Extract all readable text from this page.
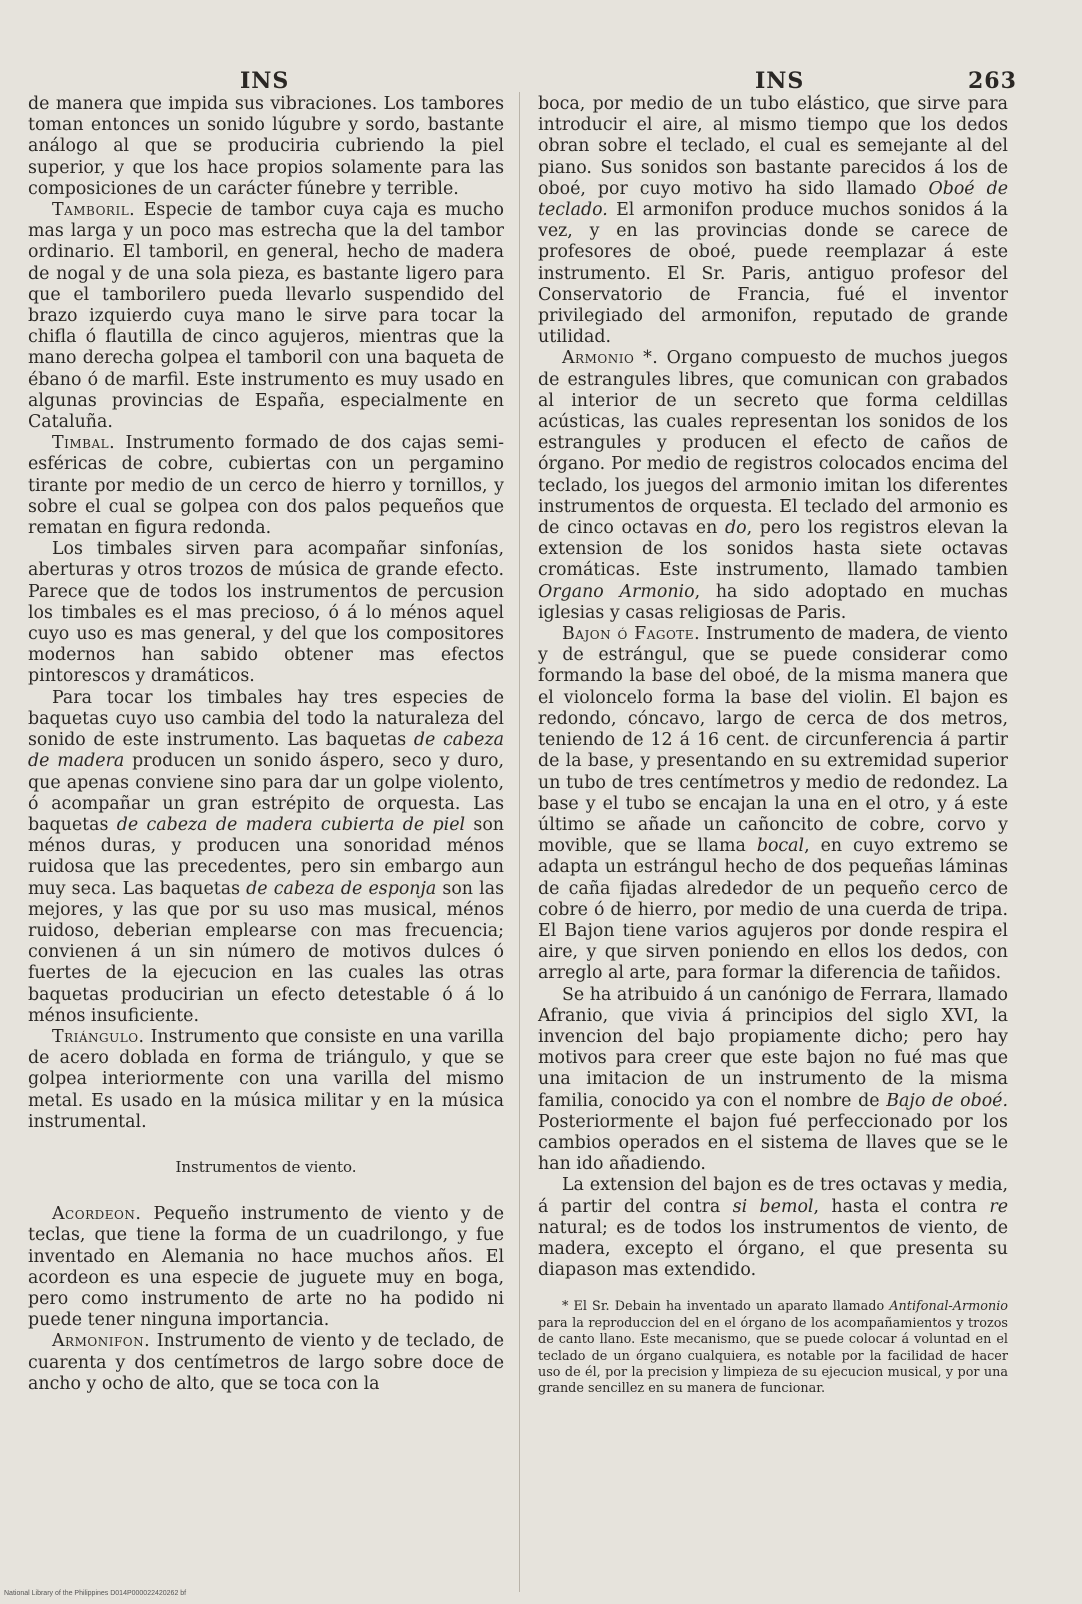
INS	INS	263

de manera que impida sus vibraciones. Los tambores toman entonces un sonido lúgubre y sordo, bastante análogo al que se produciria cubriendo la piel superior, y que los hace propios solamente para las composiciones de un carácter fúnebre y terrible.

Tamboril. Especie de tambor cuya caja es mucho mas larga y un poco mas estrecha que la del tambor ordinario. El tamboril, en general, hecho de madera de nogal y de una sola pieza, es bastante ligero para que el tamborilero pueda llevarlo suspendido del brazo izquierdo cuya mano le sirve para tocar la chifla ó flautilla de cinco agujeros, mientras que la mano derecha golpea el tamboril con una baqueta de ébano ó de marfil. Este instrumento es muy usado en algunas provincias de España, especialmente en Cataluña.

Timbal. Instrumento formado de dos cajas semi-esféricas de cobre, cubiertas con un pergamino tirante por medio de un cerco de hierro y tornillos, y sobre el cual se golpea con dos palos pequeños que rematan en figura redonda.

Los timbales sirven para acompañar sinfonías, aberturas y otros trozos de música de grande efecto. Parece que de todos los instrumentos de percusion los timbales es el mas precioso, ó á lo ménos aquel cuyo uso es mas general, y del que los compositores modernos han sabido obtener mas efectos pintorescos y dramáticos.

Para tocar los timbales hay tres especies de baquetas cuyo uso cambia del todo la naturaleza del sonido de este instrumento. Las baquetas de cabeza de madera producen un sonido áspero, seco y duro, que apenas conviene sino para dar un golpe violento, ó acompañar un gran estrépito de orquesta. Las baquetas de cabeza de madera cubierta de piel son ménos duras, y producen una sonoridad ménos ruidosa que las precedentes, pero sin embargo aun muy seca. Las baquetas de cabeza de esponja son las mejores, y las que por su uso mas musical, ménos ruidoso, deberian emplearse con mas frecuencia; convienen á un sin número de motivos dulces ó fuertes de la ejecucion en las cuales las otras baquetas producirian un efecto detestable ó á lo ménos insuficiente.

Triángulo. Instrumento que consiste en una varilla de acero doblada en forma de triángulo, y que se golpea interiormente con una varilla del mismo metal. Es usado en la música militar y en la música instrumental.

Instrumentos de viento.

Acordeon. Pequeño instrumento de viento y de teclas, que tiene la forma de un cuadrilongo, y fue inventado en Alemania no hace muchos años. El acordeon es una especie de juguete muy en boga, pero como instrumento de arte no ha podido ni puede tener ninguna importancia.

Armonifon. Instrumento de viento y de teclado, de cuarenta y dos centímetros de largo sobre doce de ancho y ocho de alto, que se toca con la

boca, por medio de un tubo elástico, que sirve para introducir el aire, al mismo tiempo que los dedos obran sobre el teclado, el cual es semejante al del piano. Sus sonidos son bastante parecidos á los de oboé, por cuyo motivo ha sido llamado Oboé de teclado. El armonifon produce muchos sonidos á la vez, y en las provincias donde se carece de profesores de oboé, puede reemplazar á este instrumento. El Sr. Paris, antiguo profesor del Conservatorio de Francia, fué el inventor privilegiado del armonifon, reputado de grande utilidad.

Armonio *. Organo compuesto de muchos juegos de estrangules libres, que comunican con grabados al interior de un secreto que forma celdillas acústicas, las cuales representan los sonidos de los estrangules y producen el efecto de caños de órgano. Por medio de registros colocados encima del teclado, los juegos del armonio imitan los diferentes instrumentos de orquesta. El teclado del armonio es de cinco octavas en do, pero los registros elevan la extension de los sonidos hasta siete octavas cromáticas. Este instrumento, llamado tambien Organo Armonio, ha sido adoptado en muchas iglesias y casas religiosas de Paris.

Bajon ó Fagote. Instrumento de madera, de viento y de estrángul, que se puede considerar como formando la base del oboé, de la misma manera que el violoncelo forma la base del violin. El bajon es redondo, cóncavo, largo de cerca de dos metros, teniendo de 12 á 16 cent. de circunferencia á partir de la base, y presentando en su extremidad superior un tubo de tres centímetros y medio de redondez. La base y el tubo se encajan la una en el otro, y á este último se añade un cañoncito de cobre, corvo y movible, que se llama bocal, en cuyo extremo se adapta un estrángul hecho de dos pequeñas láminas de caña fijadas alrededor de un pequeño cerco de cobre ó de hierro, por medio de una cuerda de tripa. El Bajon tiene varios agujeros por donde respira el aire, y que sirven poniendo en ellos los dedos, con arreglo al arte, para formar la diferencia de tañidos.

Se ha atribuido á un canónigo de Ferrara, llamado Afranio, que vivia á principios del siglo XVI, la invencion del bajo propiamente dicho; pero hay motivos para creer que este bajon no fué mas que una imitacion de un instrumento de la misma familia, conocido ya con el nombre de Bajo de oboé. Posteriormente el bajon fué perfeccionado por los cambios operados en el sistema de llaves que se le han ido añadiendo.

La extension del bajon es de tres octavas y media, á partir del contra si bemol, hasta el contra re natural; es de todos los instrumentos de viento, de madera, excepto el órgano, el que presenta su diapason mas extendido.

* El Sr. Debain ha inventado un aparato llamado Antifonal-Armonio para la reproduccion del en el órgano de los acompañamientos y trozos de canto llano. Este mecanismo, que se puede colocar á voluntad en el teclado de un órgano cualquiera, es notable por la facilidad de hacer uso de él, por la precision y limpieza de su ejecucion musical, y por una grande sencillez en su manera de funcionar.

National Library of the Philippines D014P000022420262 bf
